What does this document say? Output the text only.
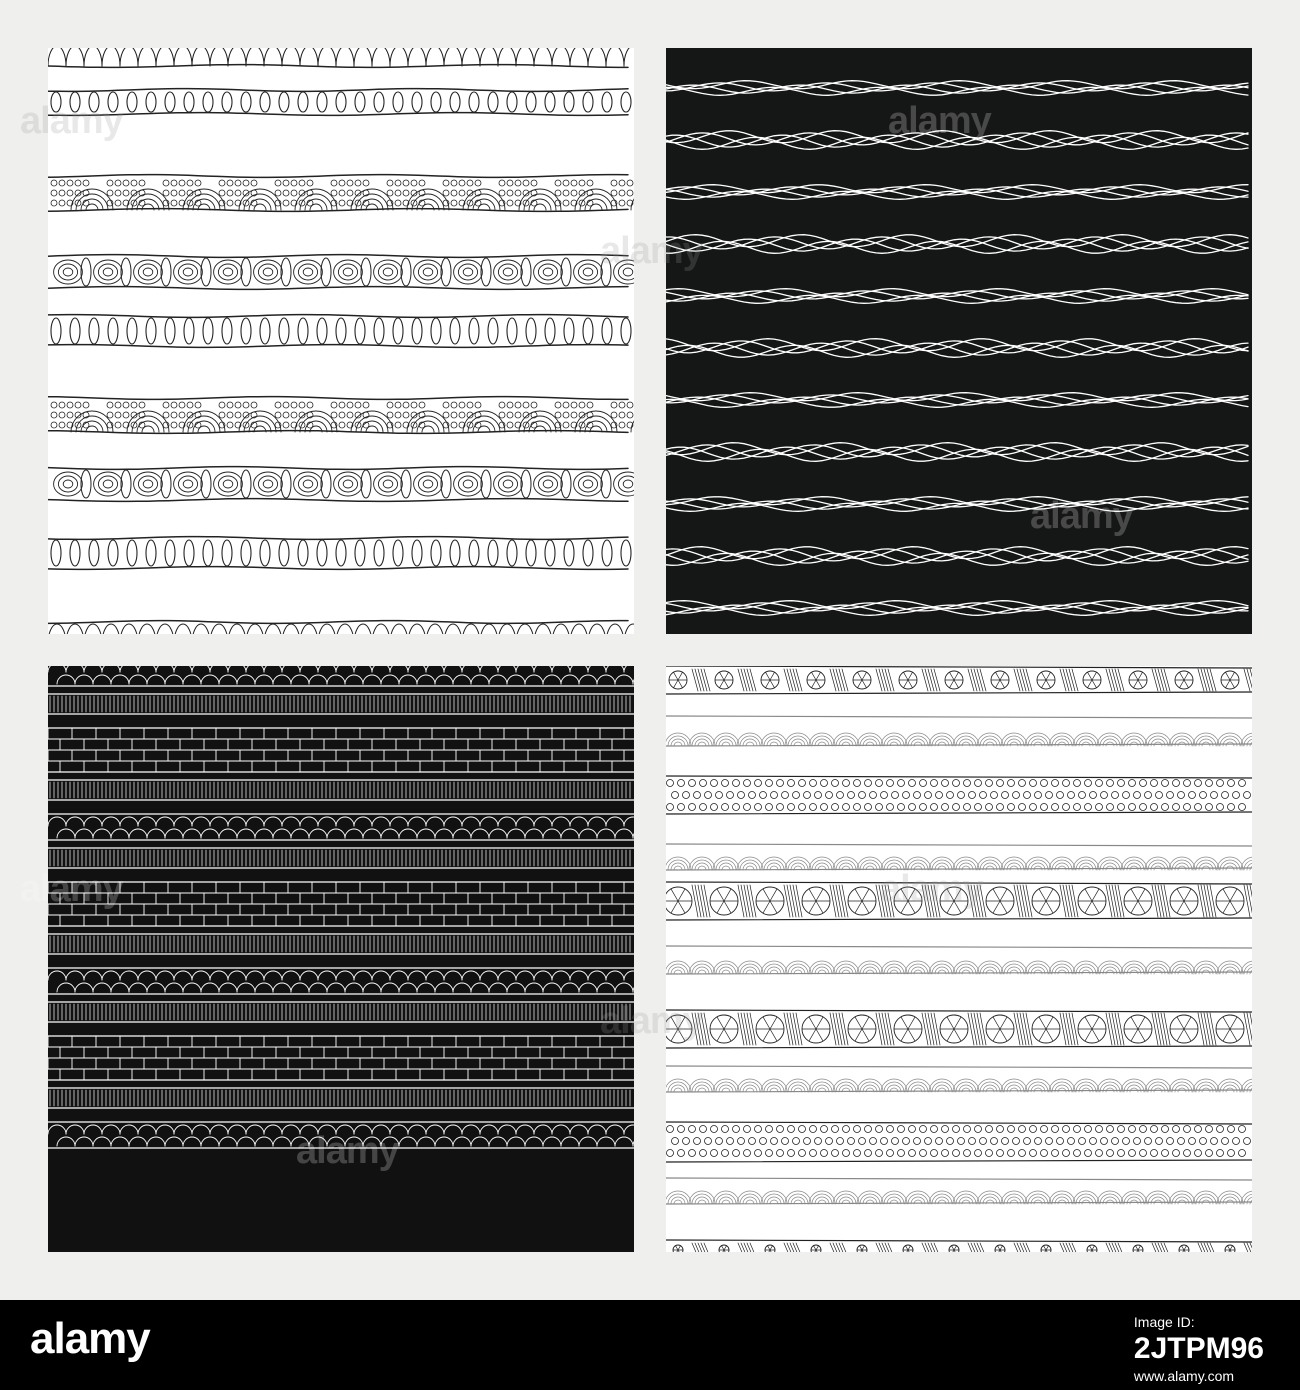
alamy	alamy
alamy
alamy
alamy	alamy
alamy
alamy
alamy	Image ID:
2JTPM96
www.alamy.com
